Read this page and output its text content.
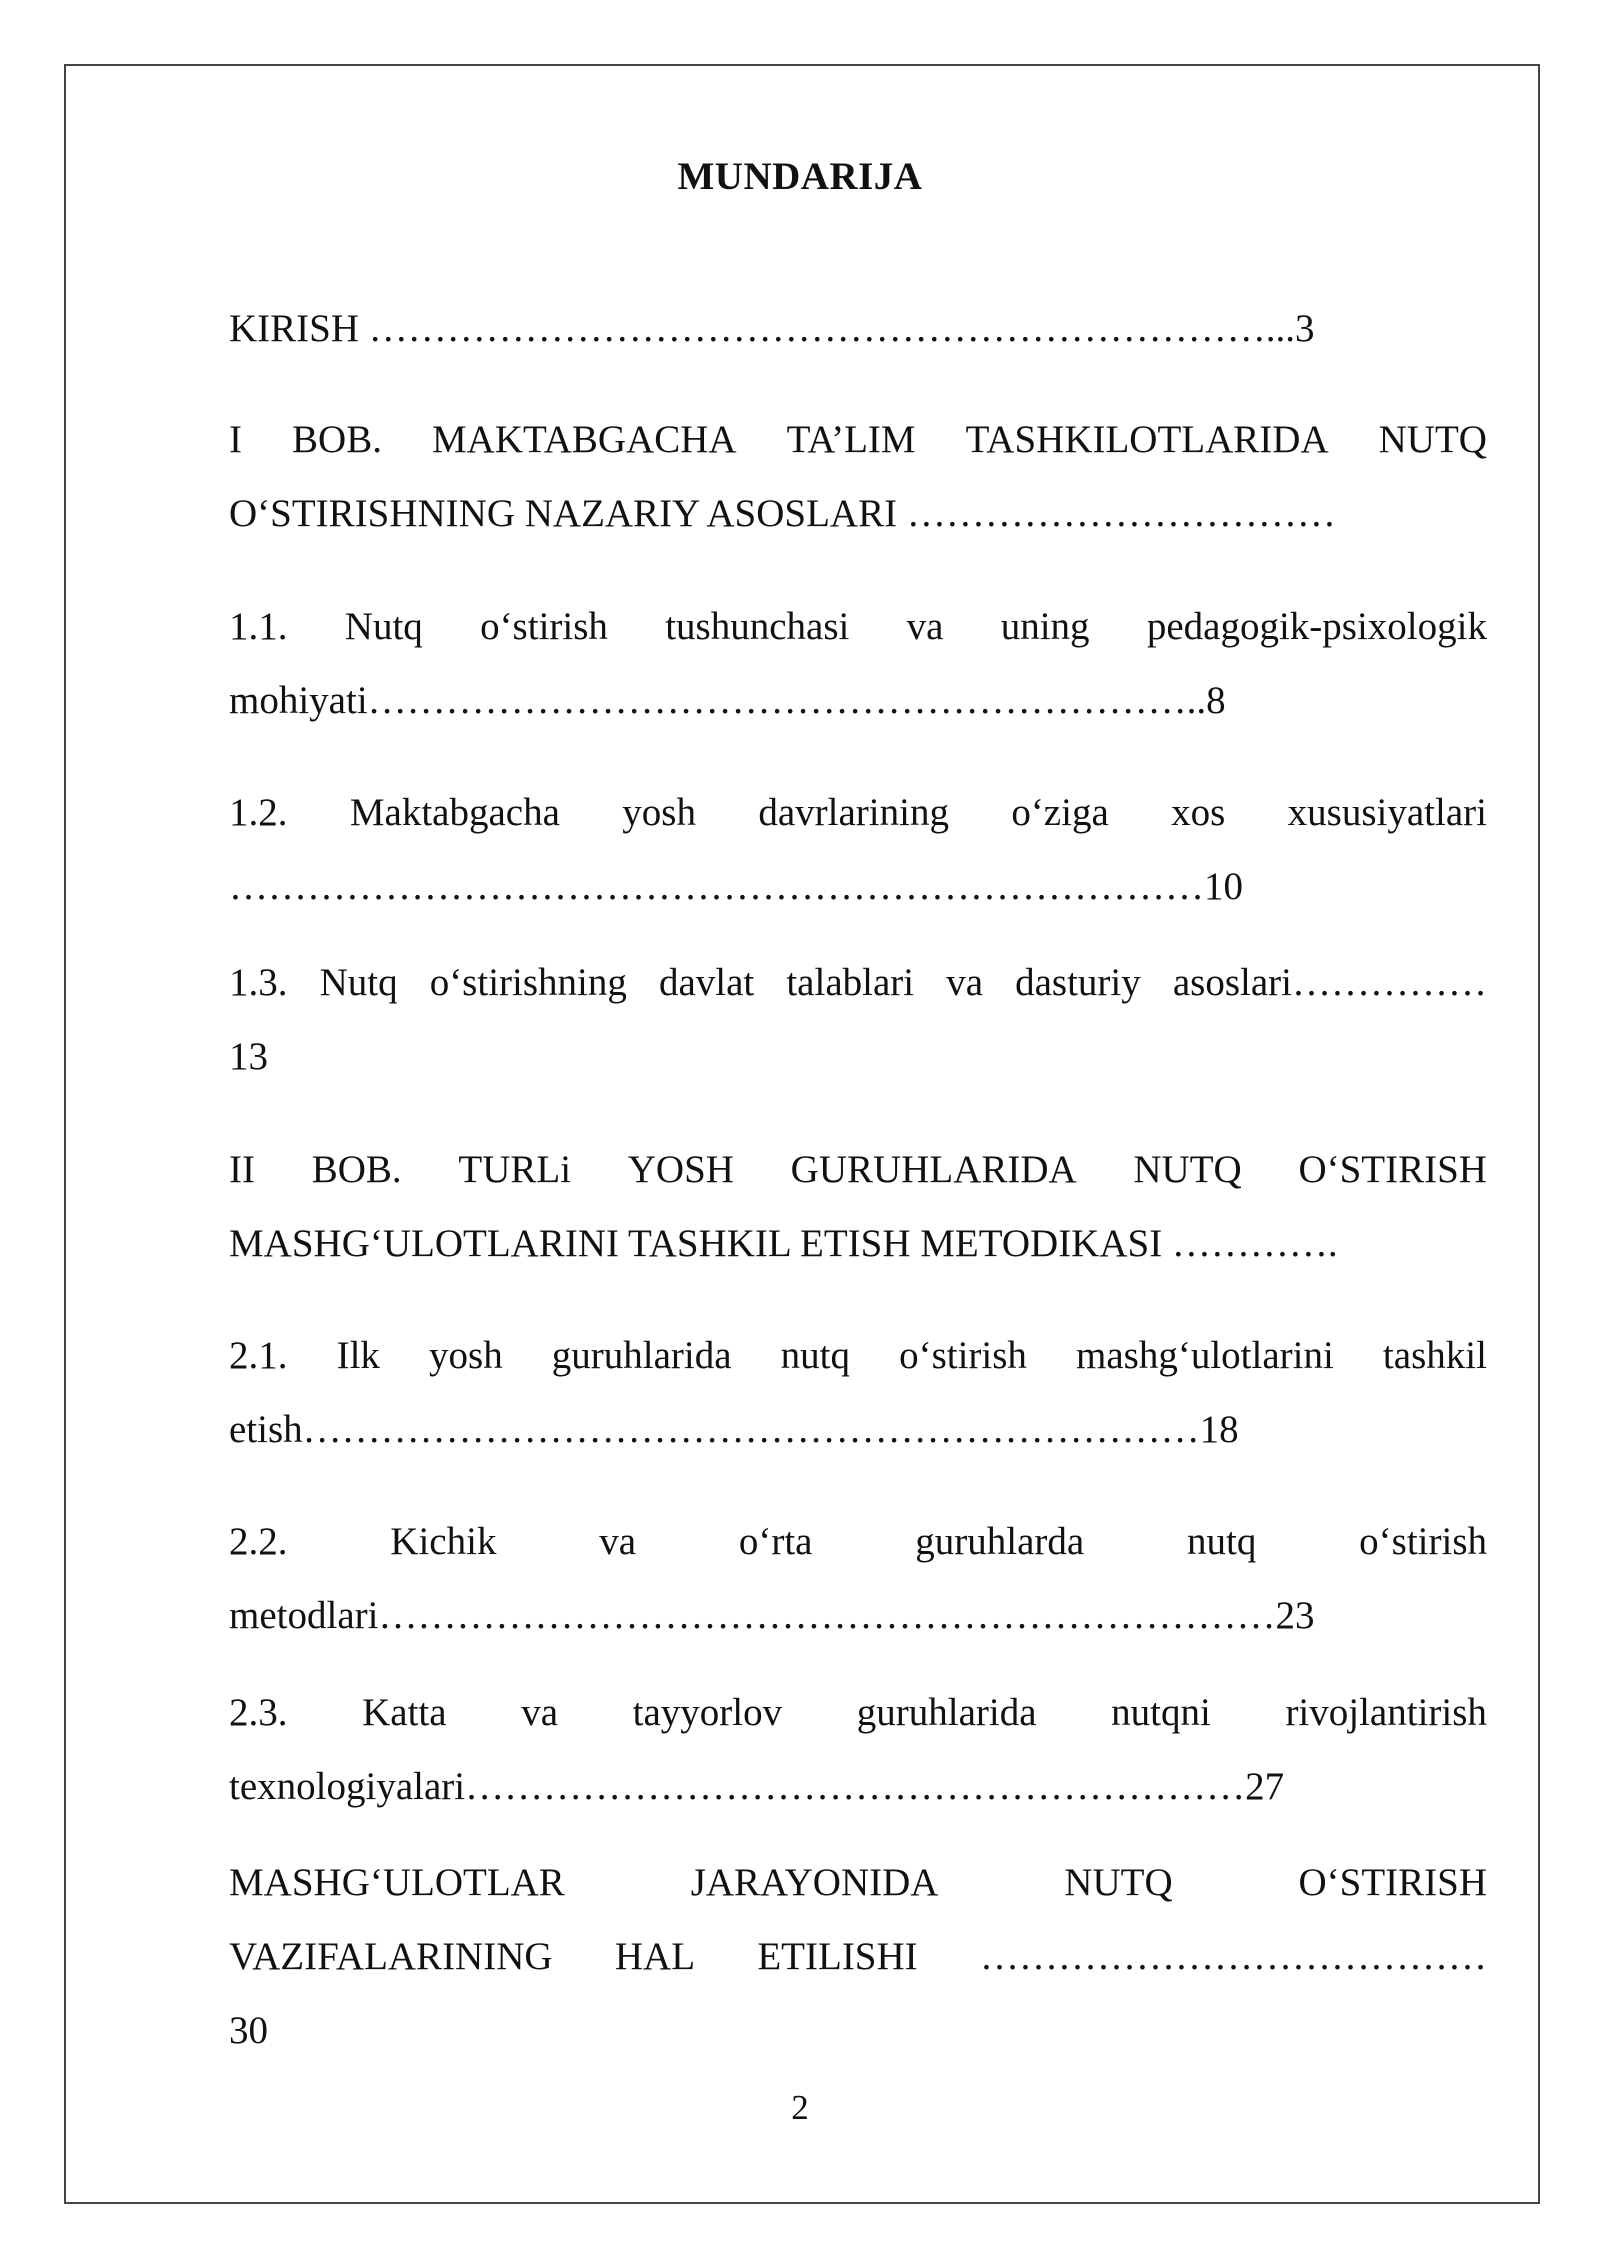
MUNDARIJA
KIRISH ……………………………………………………………...3
I BOB. MAKTABGACHA TA’LIM TASHKILOTLARIDA NUTQ
O‘STIRISHNING NAZARIY ASOSLARI ……………………………
1.1. Nutq o‘stirish tushunchasi va uning pedagogik-psixologik
mohiyati………………………………………………………..8
1.2. Maktabgacha yosh davrlarining o‘ziga xos xususiyatlari
…………………………………………………………………10
1.3. Nutq o‘stirishning davlat talablari va dasturiy asoslari……………
13
II BOB. TURLi YOSH GURUHLARIDA NUTQ O‘STIRISH
MASHG‘ULOTLARINI TASHKIL ETISH METODIKASI ………….
2.1. Ilk yosh guruhlarida nutq o‘stirish mashg‘ulotlarini tashkil
etish……………………………………………………………18
2.2.	Kichik	va	o‘rta	guruhlarda	nutq	o‘stirish
metodlari……………………………………………………………23
2.3. Katta va tayyorlov guruhlarida nutqni rivojlantirish
texnologiyalari……………………………………………………27
MASHG‘ULOTLAR	JARAYONIDA	NUTQ	O‘STIRISH
VAZIFALARINING HAL ETILISHI …………………………………
30
2
